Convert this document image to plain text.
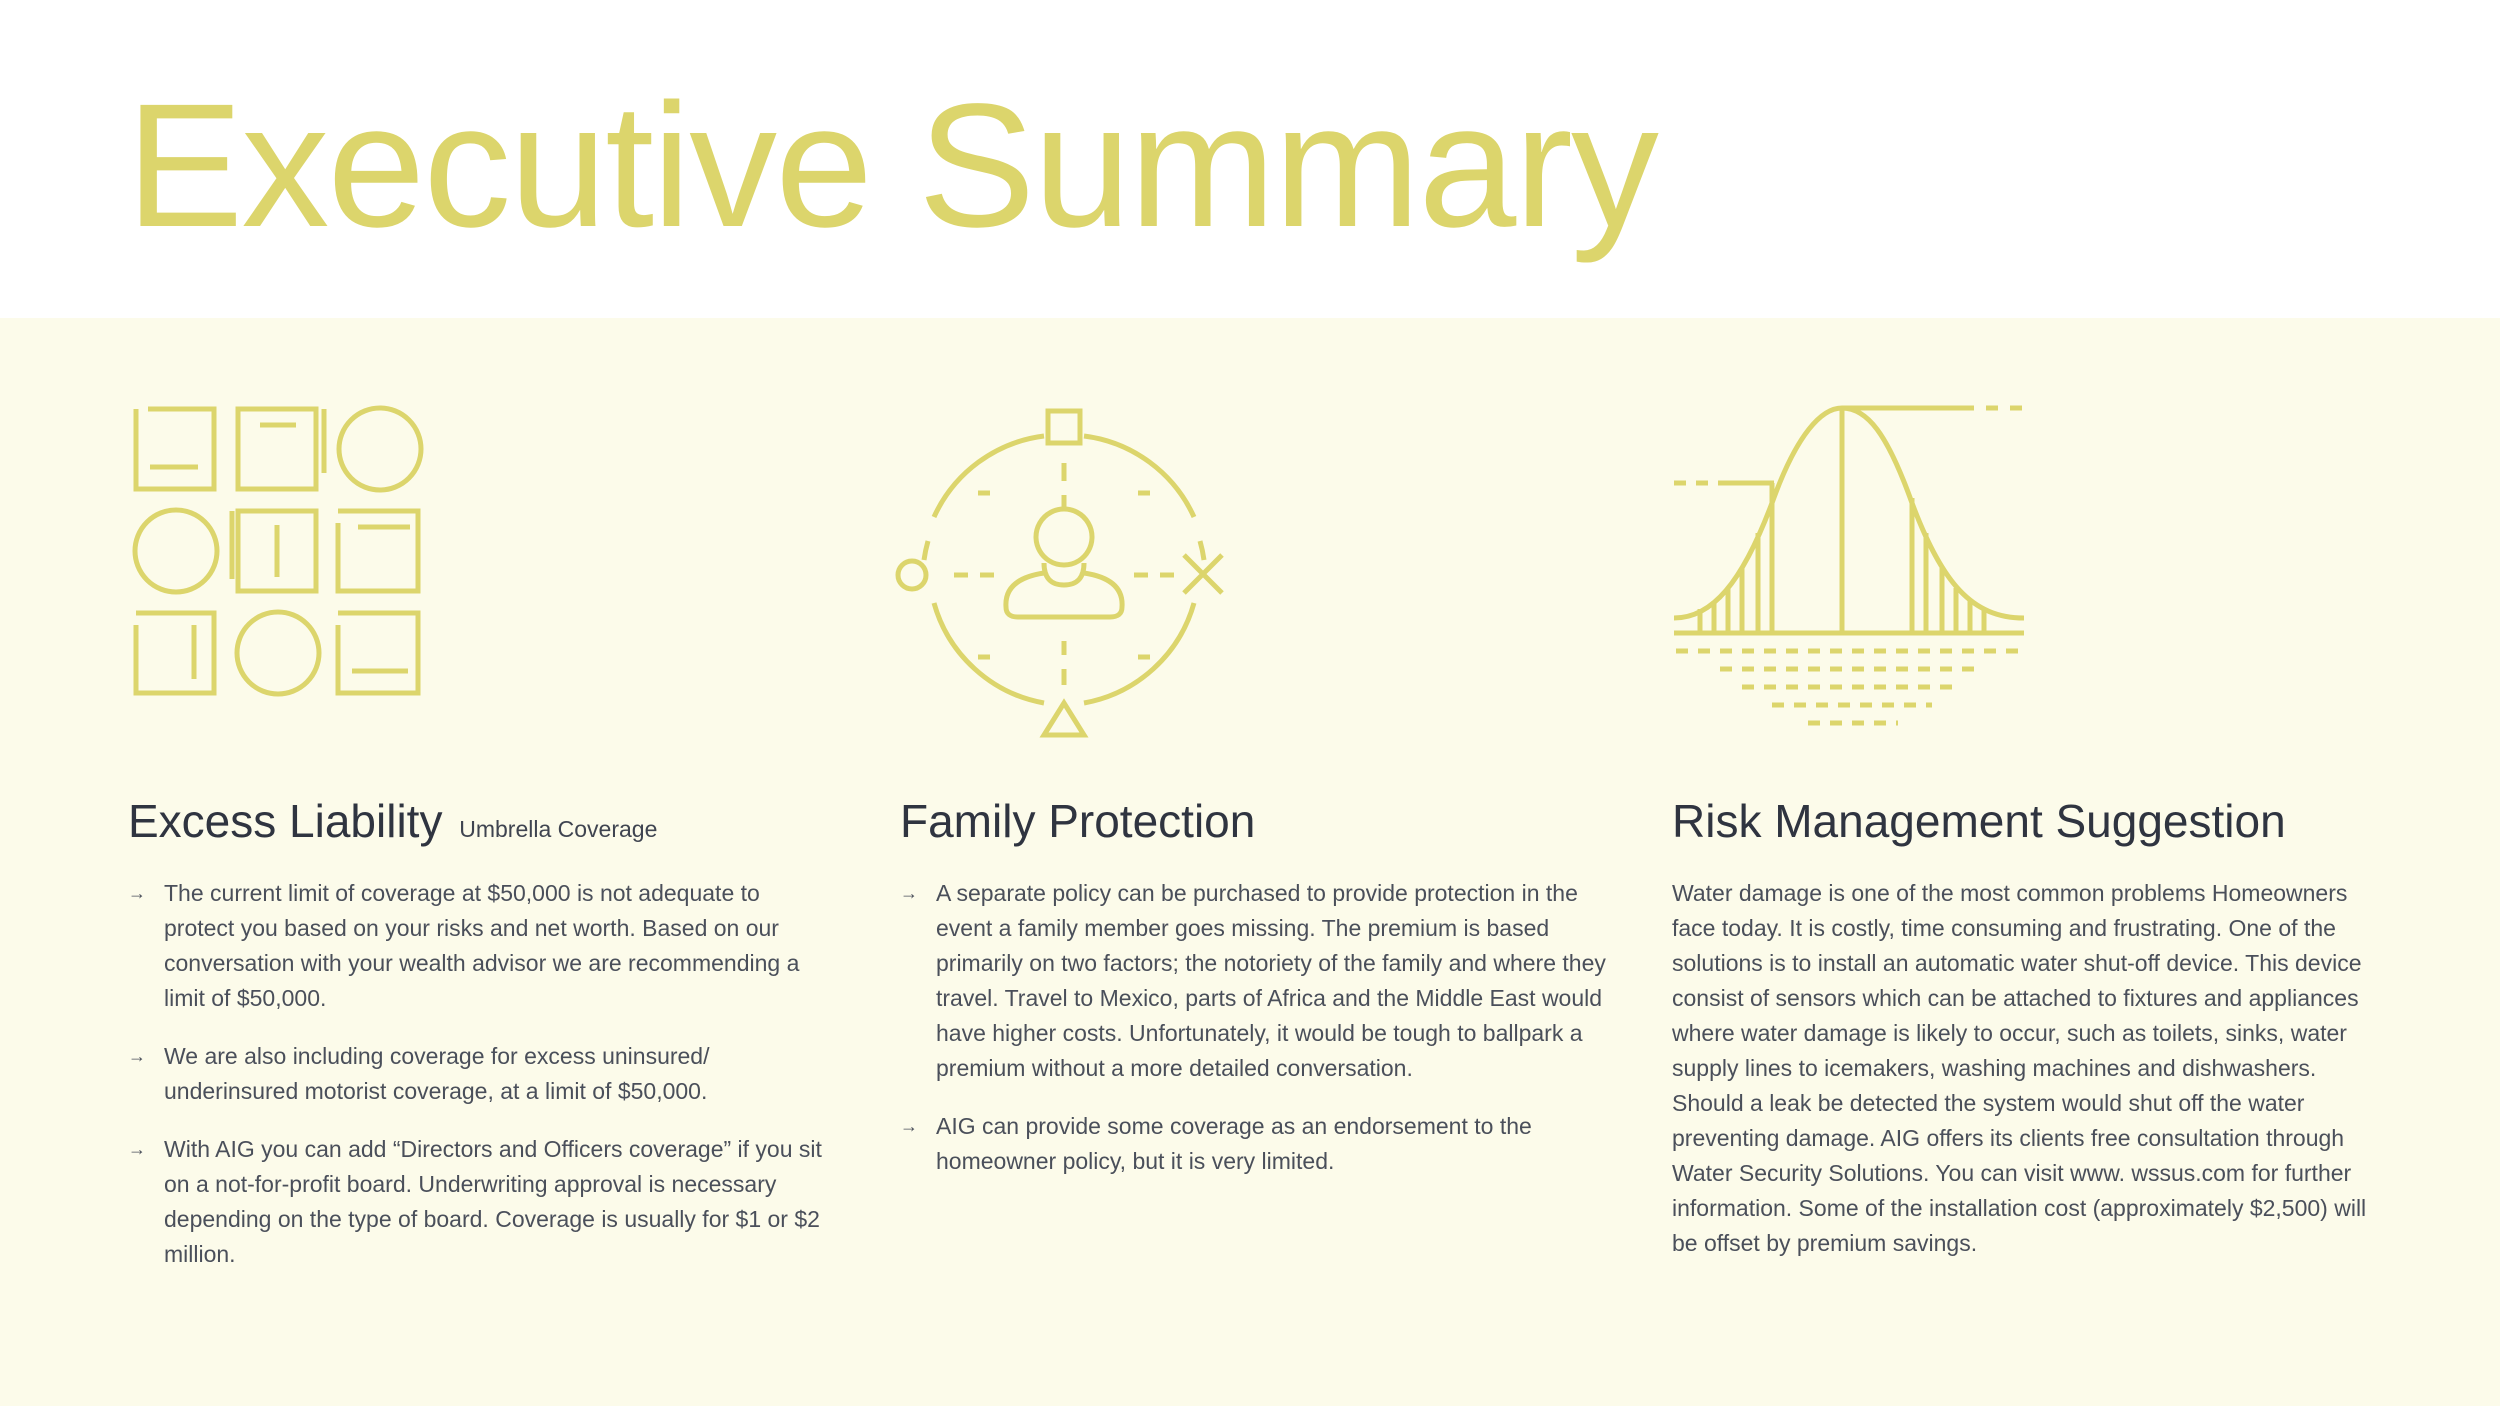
Executive Summary
Excess Liability Umbrella Coverage
→ The current limit of coverage at $50,000 is not adequate to protect you based on your risks and net worth. Based on our conversation with your wealth advisor we are recommending a limit of $50,000.
→ We are also including coverage for excess uninsured/ underinsured motorist coverage, at a limit of $50,000.
→ With AIG you can add “Directors and Officers coverage” if you sit on a not-for-profit board. Underwriting approval is necessary depending on the type of board. Coverage is usually for $1 or $2 million.
Family Protection
→ A separate policy can be purchased to provide protection in the event a family member goes missing. The premium is based primarily on two factors; the notoriety of the family and where they travel. Travel to Mexico, parts of Africa and the Middle East would have higher costs. Unfortunately, it would be tough to ballpark a premium without a more detailed conversation.
→ AIG can provide some coverage as an endorsement to the homeowner policy, but it is very limited.
Risk Management Suggestion

Water damage is one of the most common problems Homeowners face today. It is costly, time consuming and frustrating. One of the solutions is to install an automatic water shut-off device. This device consist of sensors which can be attached to fixtures and appliances where water damage is likely to occur, such as toilets, sinks, water supply lines to icemakers, washing machines and dishwashers. Should a leak be detected the system would shut off the water preventing damage. AIG offers its clients free consultation through Water Security Solutions. You can visit www. wssus.com for further information. Some of the installation cost (approximately $2,500) will be offset by premium savings.
